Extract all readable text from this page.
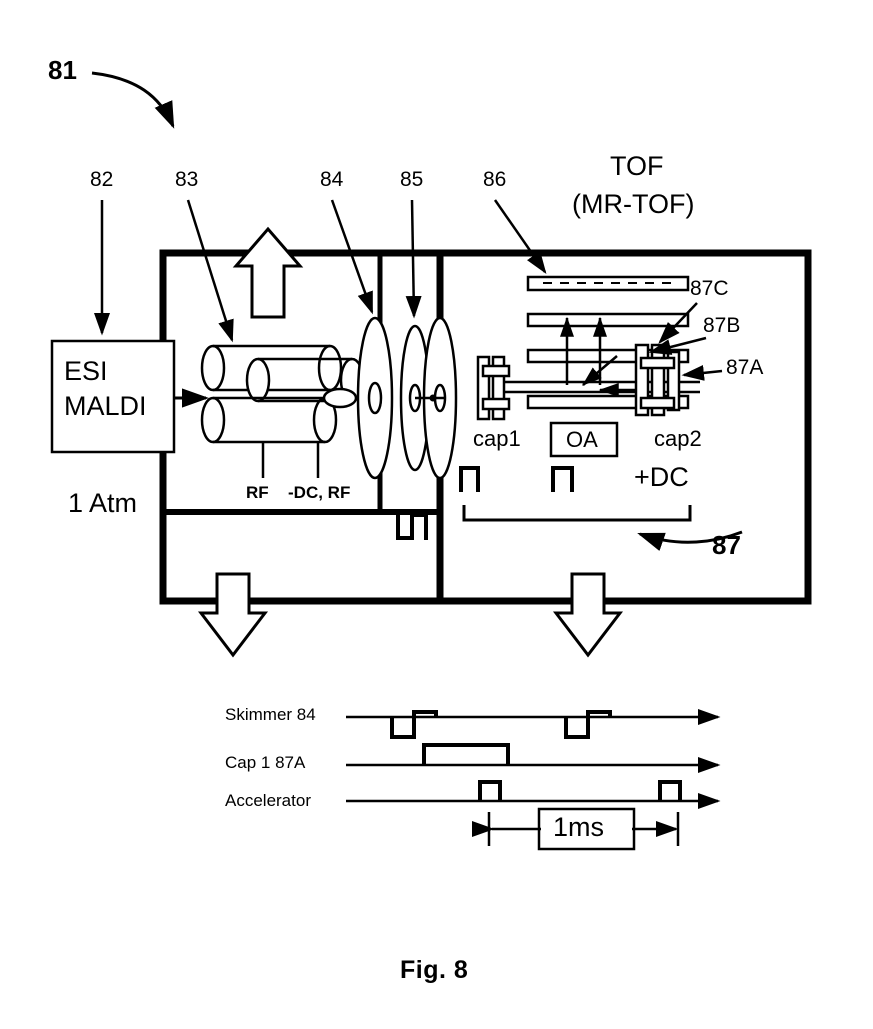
81
82	83	84	85	86	TOF
(MR-TOF)
ESI
MALDI
1 Atm	RF -DC, RF
87C
87B
87A
87
cap1	cap2
OA
+DC
Skimmer 84
Cap 1 87A
Accelerator
1ms
Fig. 8
